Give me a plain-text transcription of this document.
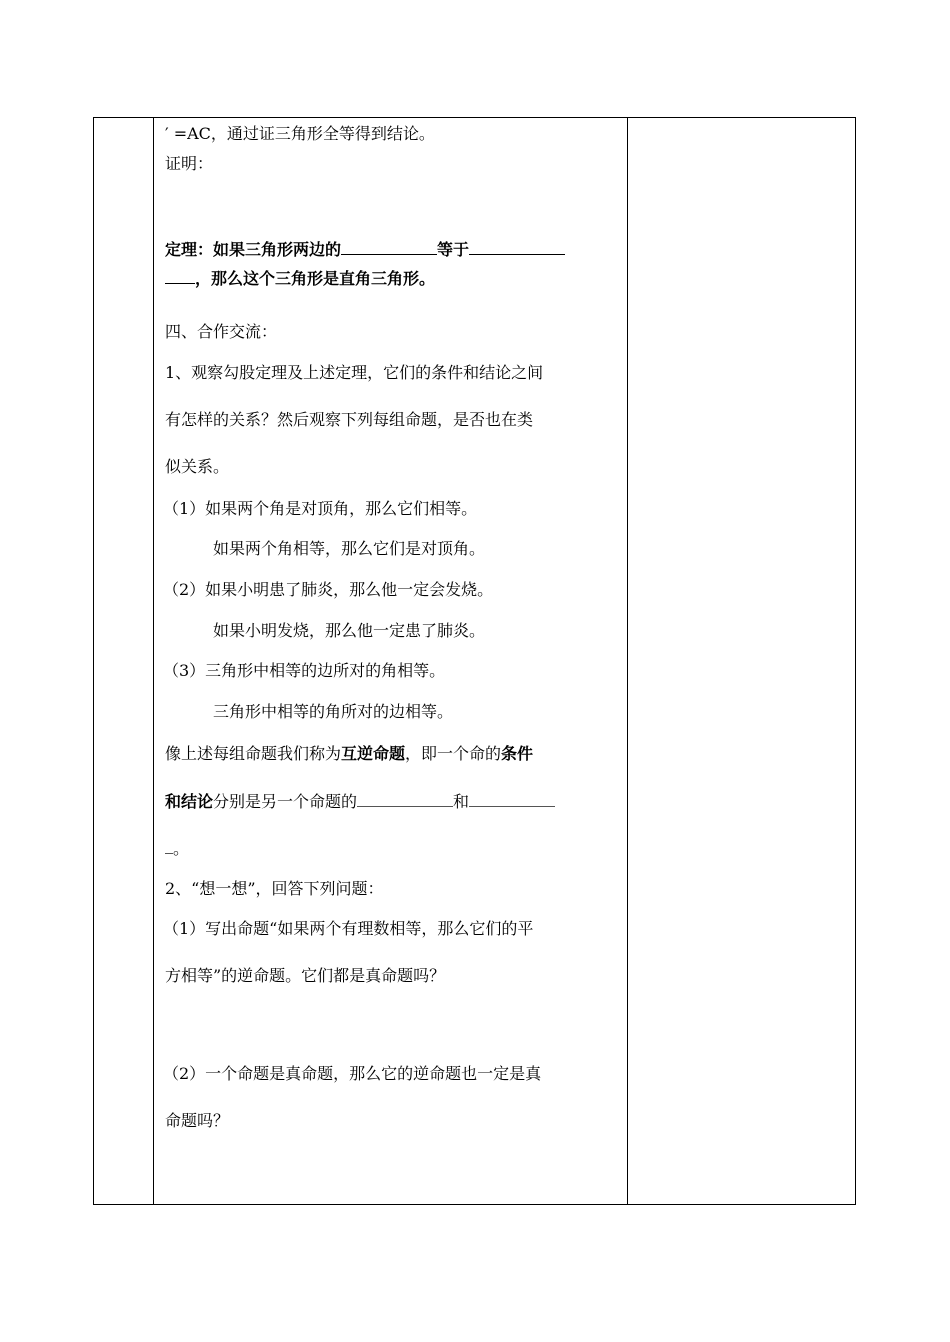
′ =AC，通过证三角形全等得到结论。
证明：
定理：如果三角形两边的	等于
，那么这个三角形是直角三角形。
四、合作交流：
1、观察勾股定理及上述定理，它们的条件和结论之间
有怎样的关系？然后观察下列每组命题，是否也在类
似关系。
（1）如果两个角是对顶角，那么它们相等。
如果两个角相等，那么它们是对顶角。
（2）如果小明患了肺炎，那么他一定会发烧。
如果小明发烧，那么他一定患了肺炎。
（3）三角形中相等的边所对的角相等。
三角形中相等的角所对的边相等。
像上述每组命题我们称为互逆命题，即一个命的条件
和结论分别是另一个命题的	和
。
2、“想一想”，回答下列问题：
（1）写出命题“如果两个有理数相等，那么它们的平
方相等”的逆命题。它们都是真命题吗？
（2）一个命题是真命题，那么它的逆命题也一定是真
命题吗？
